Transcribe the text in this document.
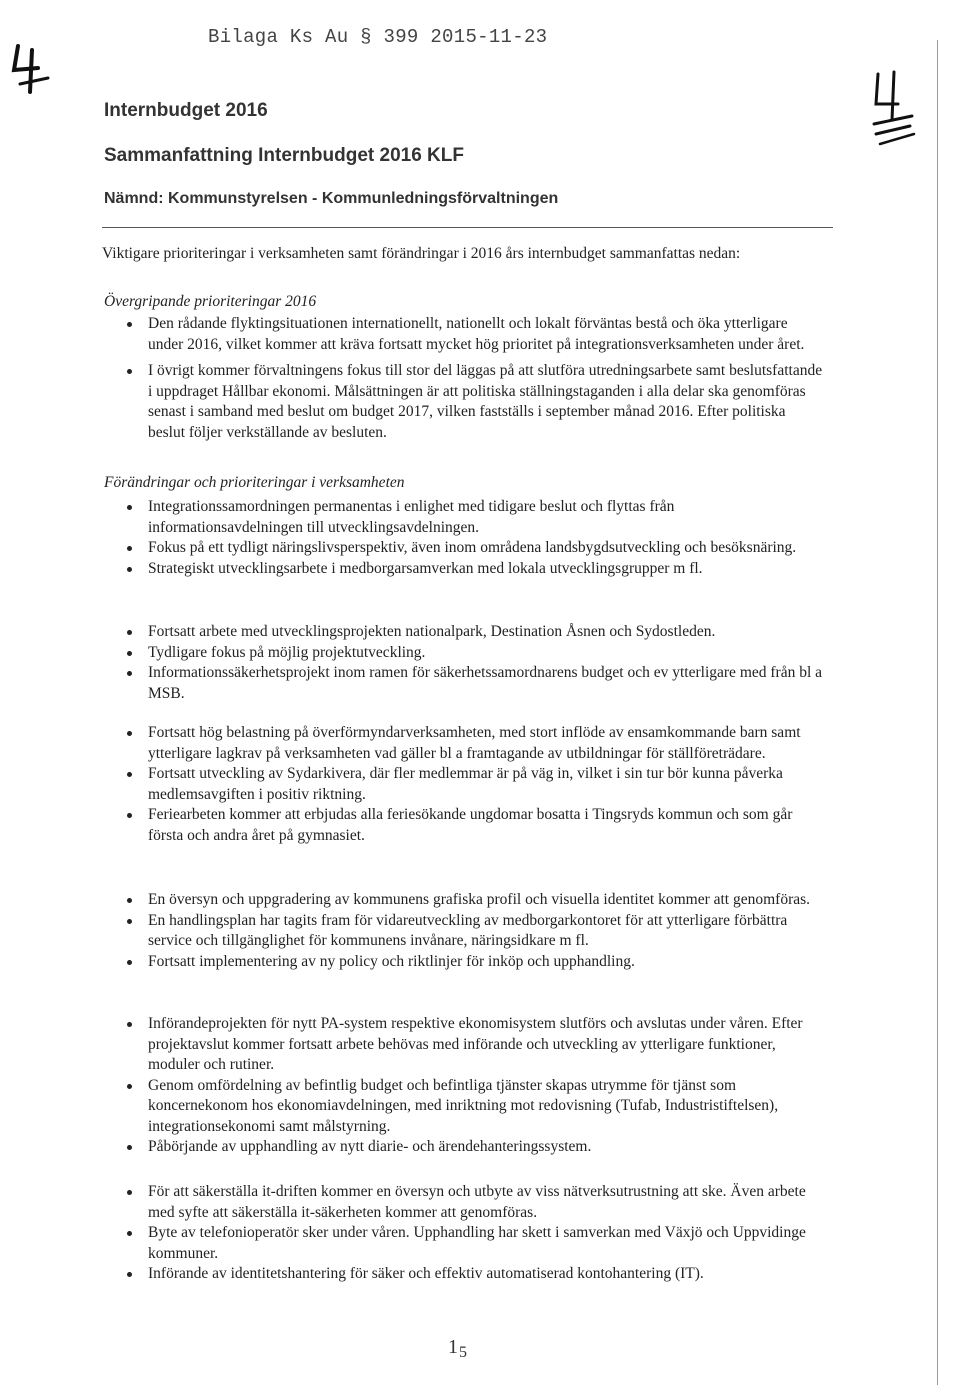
Bilaga Ks Au § 399 2015-11-23
Internbudget 2016
Sammanfattning Internbudget 2016 KLF
Nämnd: Kommunstyrelsen - Kommunledningsförvaltningen
Viktigare prioriteringar i verksamheten samt förändringar i 2016 års internbudget sammanfattas nedan:
Övergripande prioriteringar 2016
Den rådande flyktingsituationen internationellt, nationellt och lokalt förväntas bestå och öka ytterligare under 2016, vilket kommer att kräva fortsatt mycket hög prioritet på integrationsverksamheten under året.
I övrigt kommer förvaltningens fokus till stor del läggas på att slutföra utredningsarbete samt beslutsfattande i uppdraget Hållbar ekonomi. Målsättningen är att politiska ställningstaganden i alla delar ska genomföras senast i samband med beslut om budget 2017, vilken fastställs i september månad 2016. Efter politiska beslut följer verkställande av besluten.
Förändringar och prioriteringar i verksamheten
Integrationssamordningen permanentas i enlighet med tidigare beslut och flyttas från informationsavdelningen till utvecklingsavdelningen.
Fokus på ett tydligt näringslivsperspektiv, även inom områdena landsbygdsutveckling och besöksnäring.
Strategiskt utvecklingsarbete i medborgarsamverkan med lokala utvecklingsgrupper m fl.
Fortsatt arbete med utvecklingsprojekten nationalpark, Destination Åsnen och Sydostleden.
Tydligare fokus på möjlig projektutveckling.
Informationssäkerhetsprojekt inom ramen för säkerhetssamordnarens budget och ev ytterligare med från bl a MSB.
Fortsatt hög belastning på överförmyndarverksamheten, med stort inflöde av ensamkommande barn samt ytterligare lagkrav på verksamheten vad gäller bl a framtagande av utbildningar för ställföreträdare.
Fortsatt utveckling av Sydarkivera, där fler medlemmar är på väg in, vilket i sin tur bör kunna påverka medlemsavgiften i positiv riktning.
Feriearbeten kommer att erbjudas alla feriesökande ungdomar bosatta i Tingsryds kommun och som går första och andra året på gymnasiet.
En översyn och uppgradering av kommunens grafiska profil och visuella identitet kommer att genomföras.
En handlingsplan har tagits fram för vidareutveckling av medborgarkontoret för att ytterligare förbättra service och tillgänglighet för kommunens invånare, näringsidkare m fl.
Fortsatt implementering av ny policy och riktlinjer för inköp och upphandling.
Införandeprojekten för nytt PA-system respektive ekonomisystem slutförs och avslutas under våren. Efter projektavslut kommer fortsatt arbete behövas med införande och utveckling av ytterligare funktioner, moduler och rutiner.
Genom omfördelning av befintlig budget och befintliga tjänster skapas utrymme för tjänst som koncernekonom hos ekonomiavdelningen, med inriktning mot redovisning (Tufab, Industristiftelsen), integrationsekonomi samt målstyrning.
Påbörjande av upphandling av nytt diarie- och ärendehanteringssystem.
För att säkerställa it-driften kommer en översyn och utbyte av viss nätverksutrustning att ske. Även arbete med syfte att säkerställa it-säkerheten kommer att genomföras.
Byte av telefonioperatör sker under våren. Upphandling har skett i samverkan med Växjö och Uppvidinge kommuner.
Införande av identitetshantering för säker och effektiv automatiserad kontohantering (IT).
$1_5$
